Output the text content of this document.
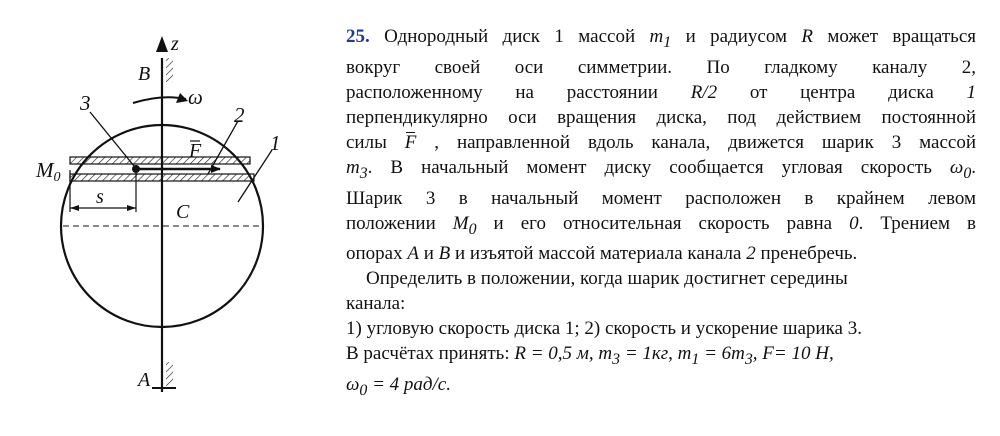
z
B
ω
F
3	2
1
M0
s
C
A

25. Однородный диск 1 массой $m_1$ и радиусом R может вращаться

вокруг своей оси симметрии. По гладкому каналу 2,

расположенному на расстоянии R/2 от центра диска 1

перпендикулярно оси вращения диска, под действием постоянной

силы F , направленной вдоль канала, движется шарик 3 массой

$m_3$. В начальный момент диску сообщается угловая скорость $\omega_0$.

Шарик 3 в начальный момент расположен в крайнем левом

положении $M_0$ и его относительная скорость равна 0. Трением в

опорах A и B и изъятой массой материала канала 2 пренебречь.

Определить в положении, когда шарик достигнет середины

канала:

1) угловую скорость диска 1; 2) скорость и ускорение шарика 3.

В расчётах принять: R = 0,5 м, $m_3 = 1кг$, $m_1 = 6m_3$, F= 10 Н,

$\omega_0 = 4$ рад/с.
